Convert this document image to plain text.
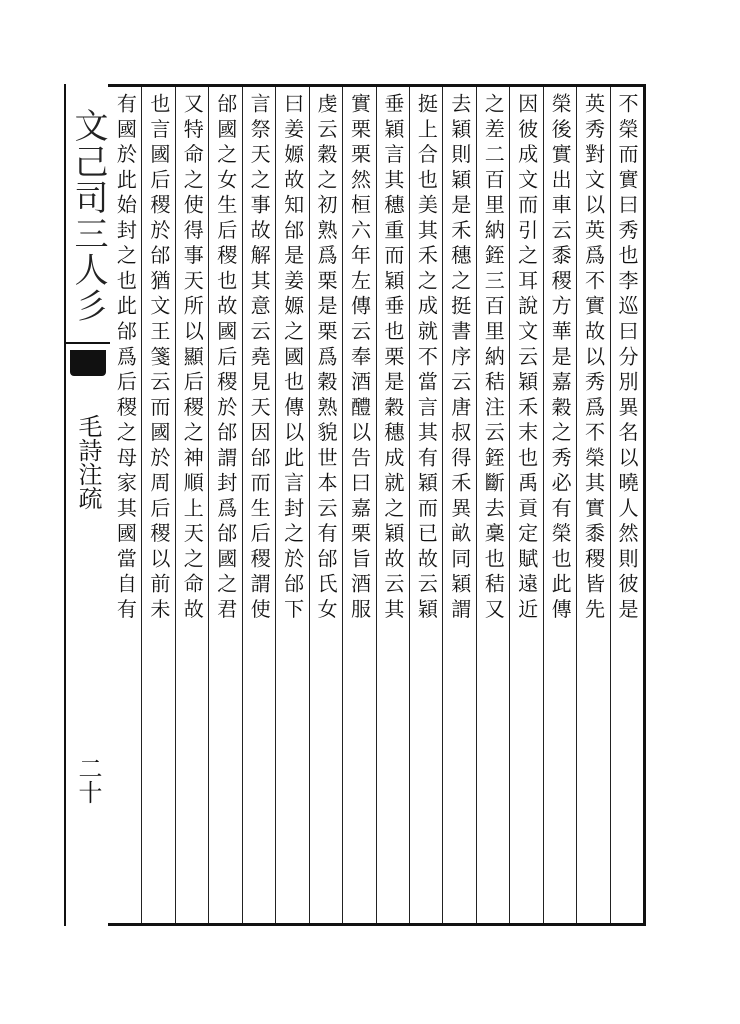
文己司三人彡
毛詩注疏
二十
不榮而實曰秀也李巡曰分別異名以曉人然則彼是
英秀對文以英爲不實故以秀爲不榮其實黍稷皆先
榮後實出車云黍稷方華是嘉穀之秀必有榮也此傳
因彼成文而引之耳說文云穎禾末也禹貢定賦遠近
之差二百里納銍三百里納秸注云銍斷去稾也秸又
去穎則穎是禾穗之挺書序云唐叔得禾異畝同穎謂
挺上合也美其禾之成就不當言其有穎而已故云穎
垂穎言其穗重而穎垂也栗是穀穗成就之穎故云其
實栗栗然桓六年左傳云奉酒醴以告曰嘉栗旨酒服
虔云穀之初熟爲栗是栗爲穀熟貌世本云有邰氏女
曰姜嫄故知邰是姜嫄之國也傳以此言封之於邰下
言祭天之事故解其意云堯見天因邰而生后稷謂使
邰國之女生后稷也故國后稷於邰謂封爲邰國之君
又特命之使得事天所以顯后稷之神順上天之命故
也言國后稷於邰猶文王箋云而國於周后稷以前未
有國於此始封之也此邰爲后稷之母家其國當自有
